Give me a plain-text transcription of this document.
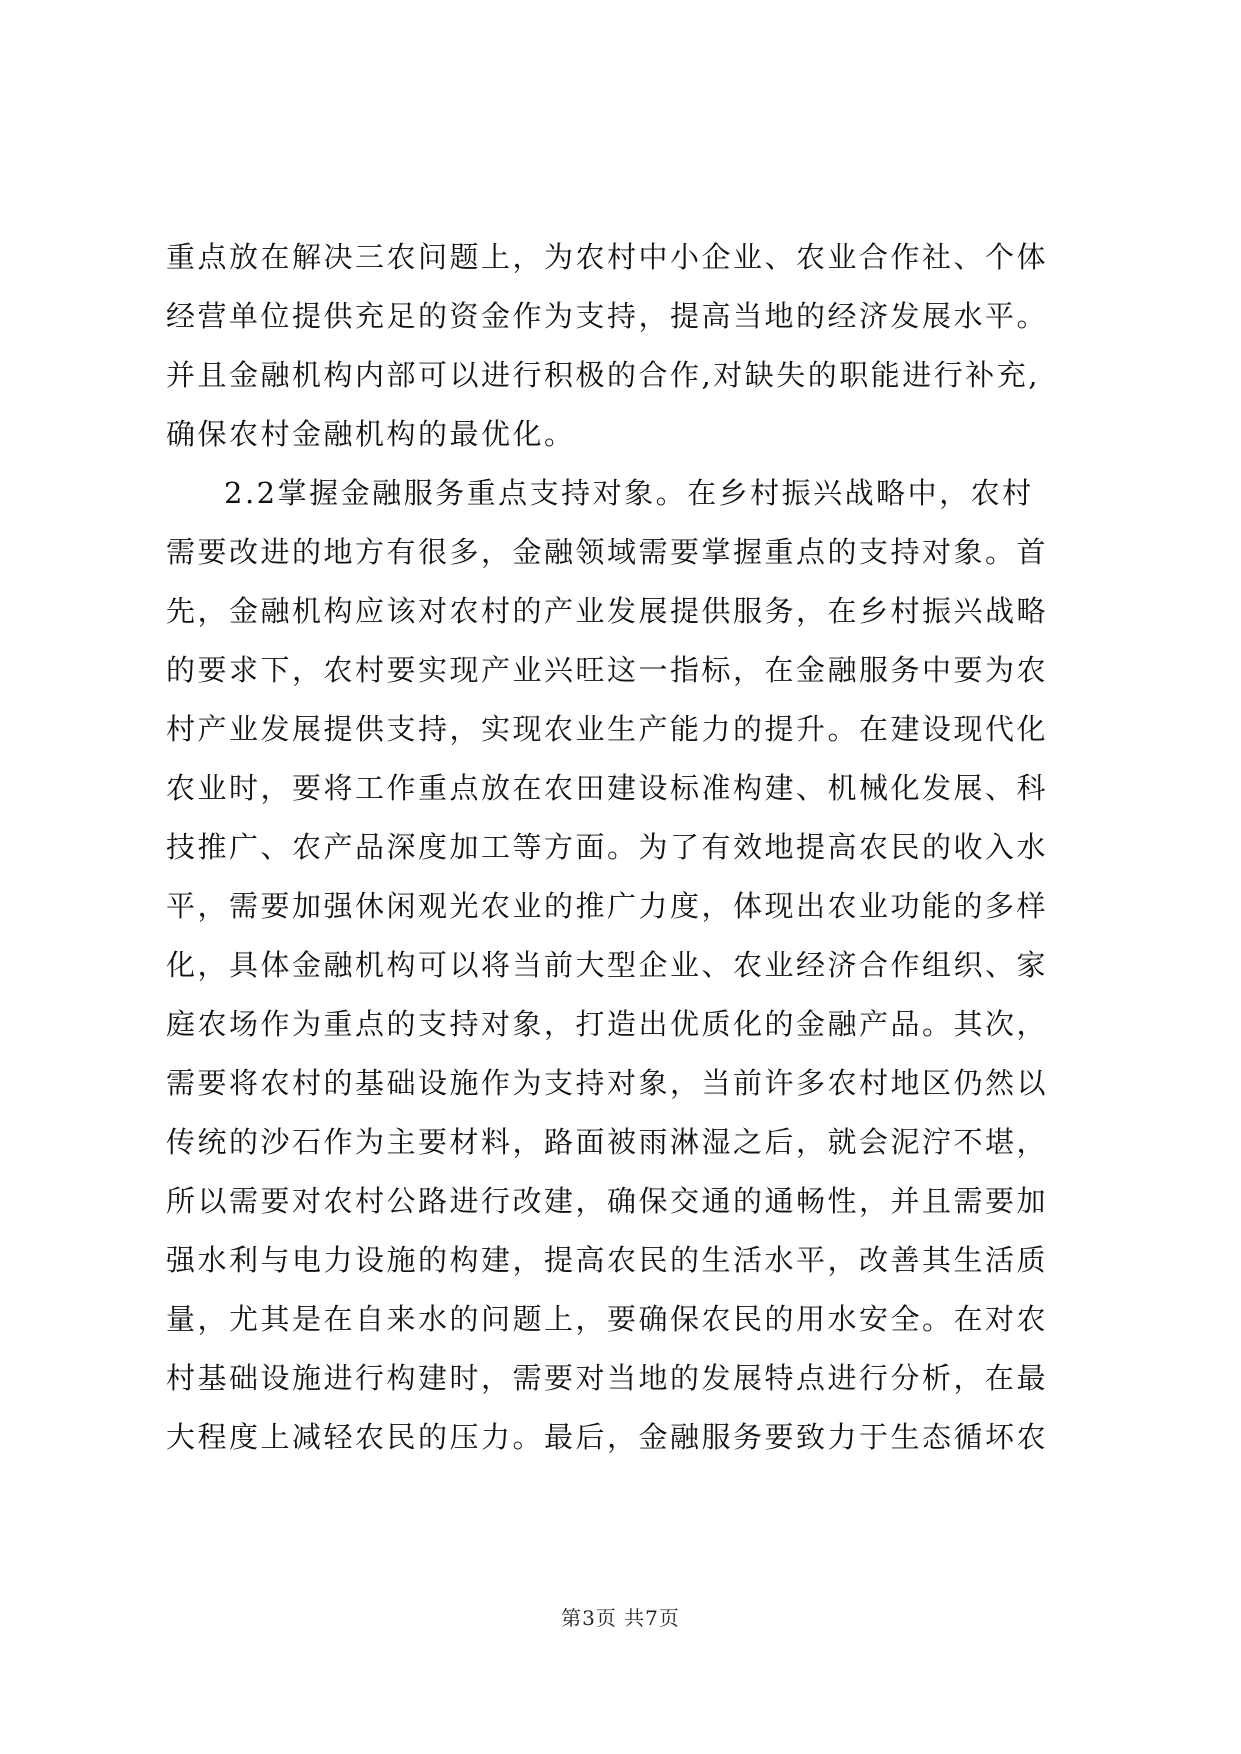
重点放在解决三农问题上，为农村中小企业、农业合作社、个体
经营单位提供充足的资金作为支持，提高当地的经济发展水平。
并且金融机构内部可以进行积极的合作,对缺失的职能进行补充,
确保农村金融机构的最优化。
2.2掌握金融服务重点支持对象。在乡村振兴战略中，农村
需要改进的地方有很多，金融领域需要掌握重点的支持对象。首
先，金融机构应该对农村的产业发展提供服务，在乡村振兴战略
的要求下，农村要实现产业兴旺这一指标，在金融服务中要为农
村产业发展提供支持，实现农业生产能力的提升。在建设现代化
农业时，要将工作重点放在农田建设标准构建、机械化发展、科
技推广、农产品深度加工等方面。为了有效地提高农民的收入水
平，需要加强休闲观光农业的推广力度，体现出农业功能的多样
化，具体金融机构可以将当前大型企业、农业经济合作组织、家
庭农场作为重点的支持对象，打造出优质化的金融产品。其次，
需要将农村的基础设施作为支持对象，当前许多农村地区仍然以
传统的沙石作为主要材料，路面被雨淋湿之后，就会泥泞不堪，
所以需要对农村公路进行改建，确保交通的通畅性，并且需要加
强水利与电力设施的构建，提高农民的生活水平，改善其生活质
量，尤其是在自来水的问题上，要确保农民的用水安全。在对农
村基础设施进行构建时，需要对当地的发展特点进行分析，在最
大程度上减轻农民的压力。最后，金融服务要致力于生态循坏农
第3页 共7页
